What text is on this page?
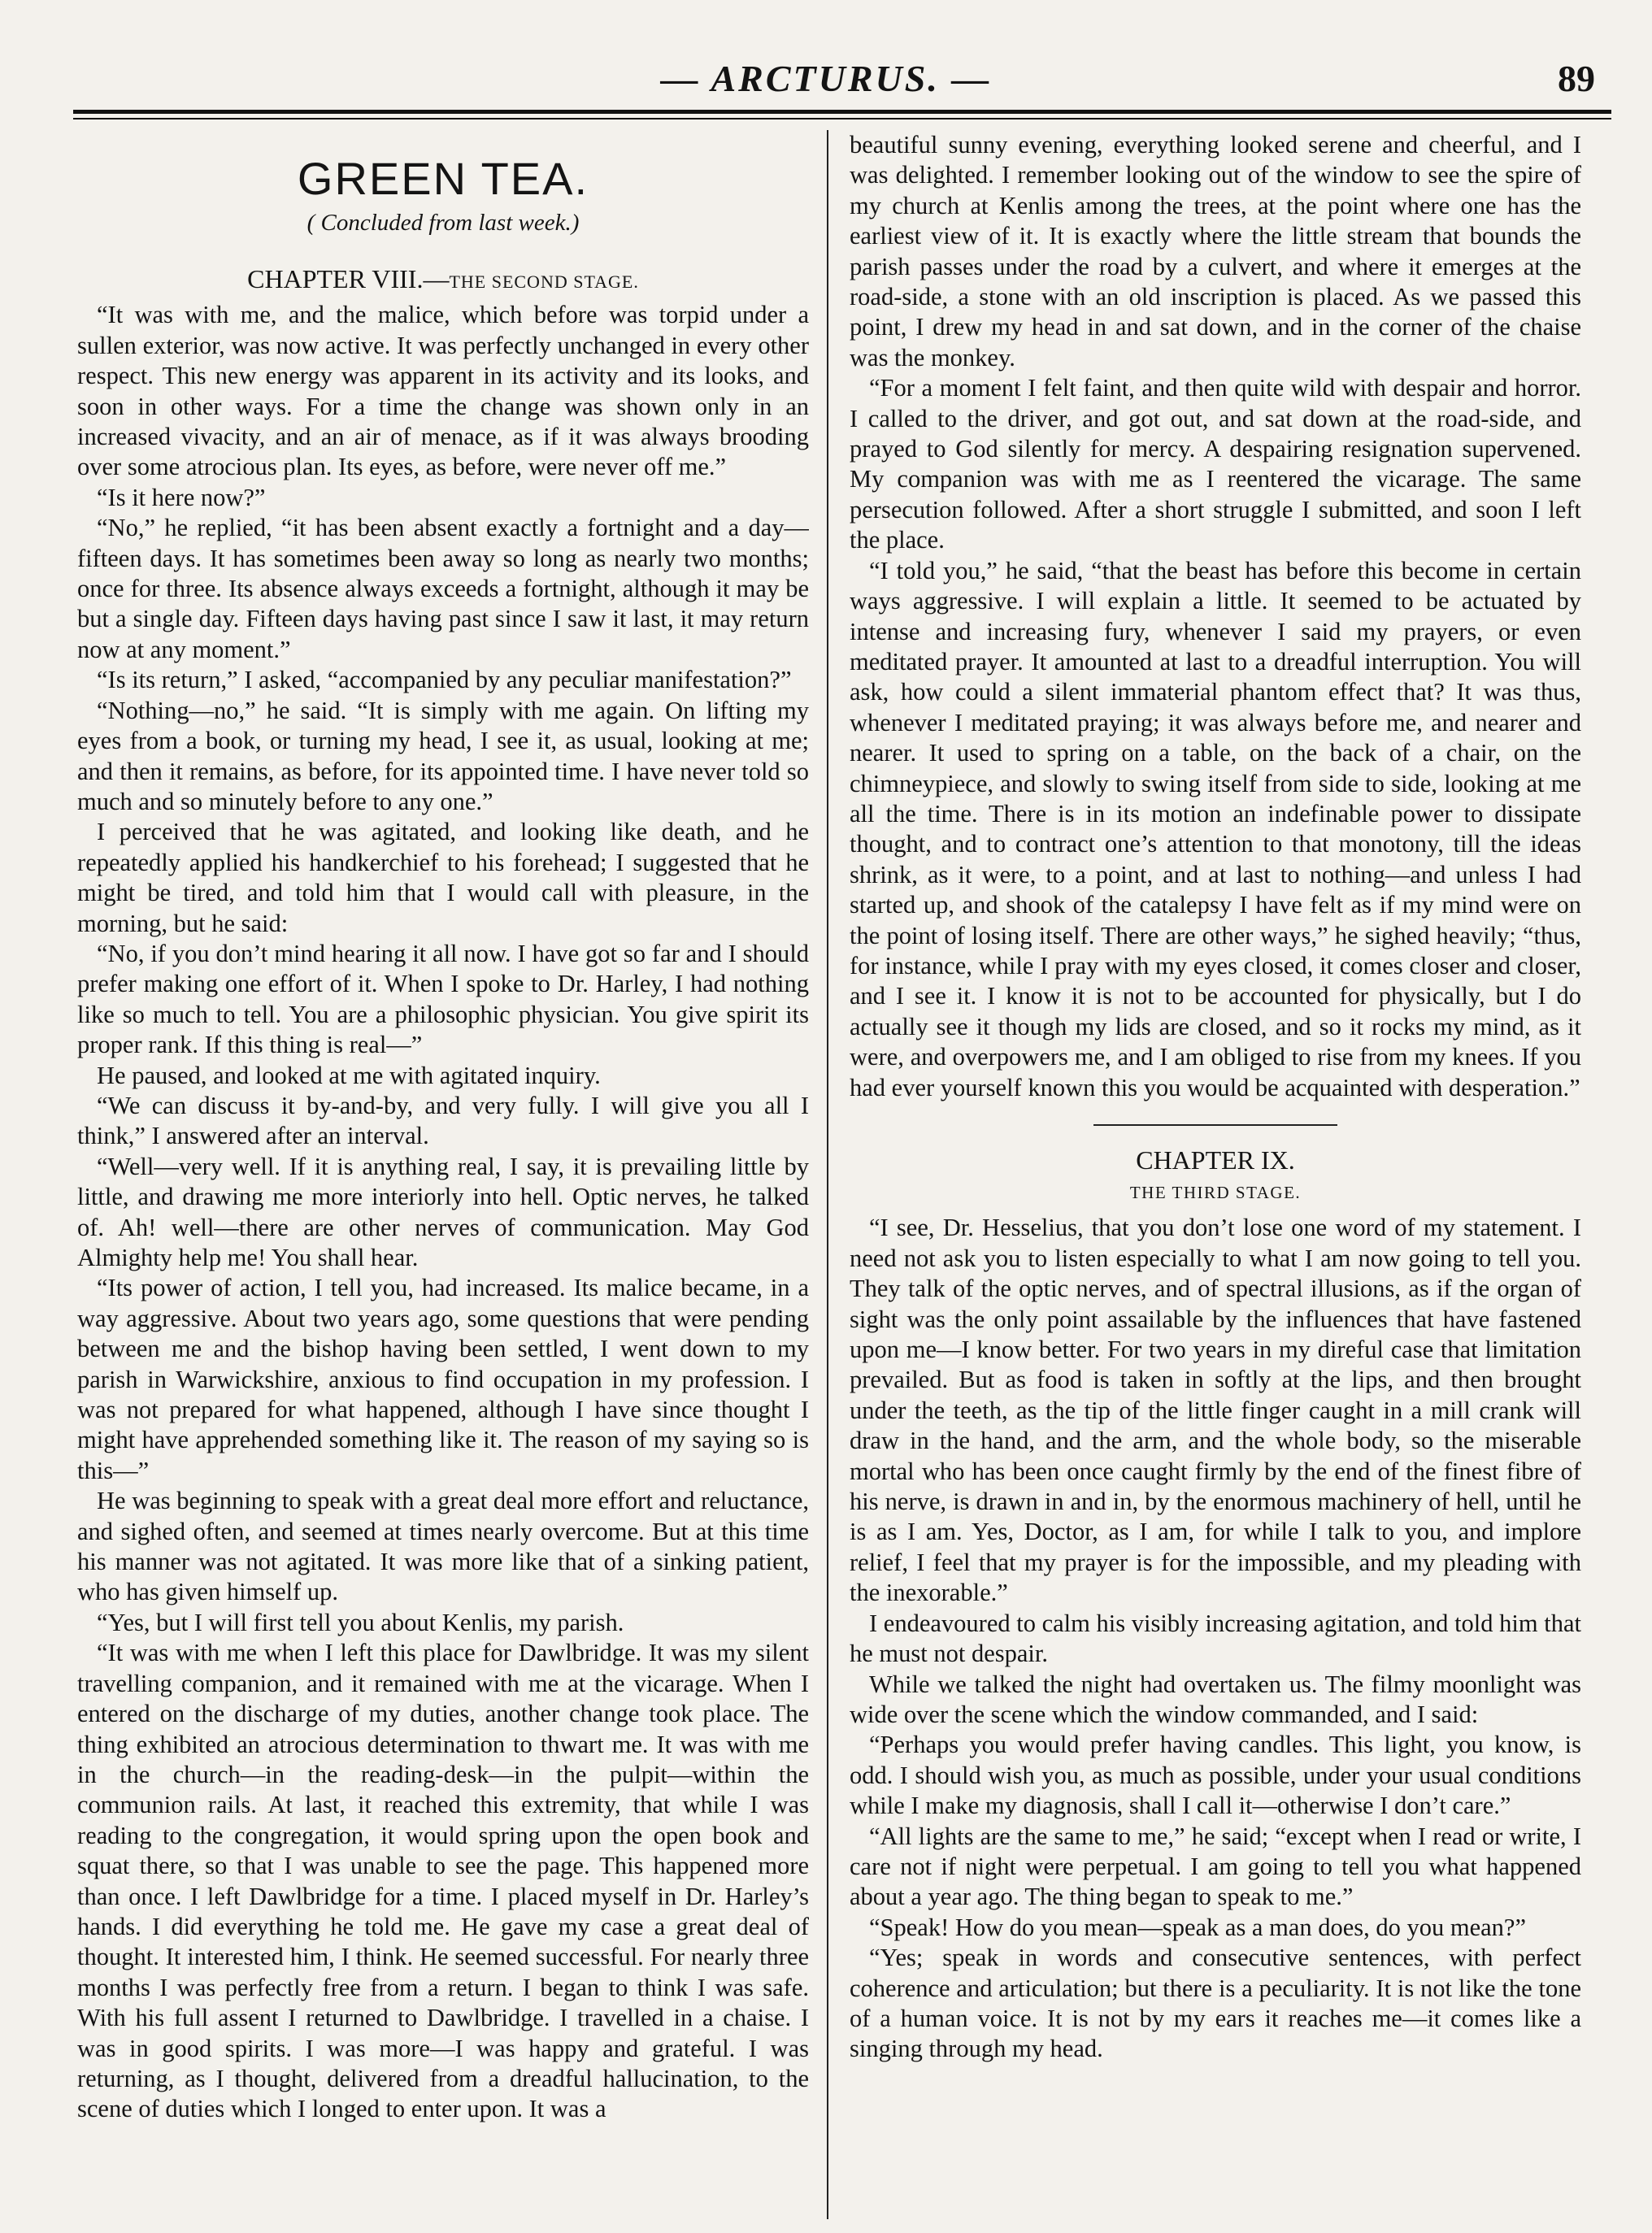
— ARCTURUS. —	89
GREEN TEA.
( Concluded from last week.)
CHAPTER VIII.—THE SECOND STAGE.

“It was with me, and the malice, which before was torpid under a sullen exterior, was now active. It was perfectly unchanged in every other respect. This new energy was apparent in its activity and its looks, and soon in other ways. For a time the change was shown only in an increased vivacity, and an air of menace, as if it was always brooding over some atrocious plan. Its eyes, as before, were never off me.”

“Is it here now?”

“No,” he replied, “it has been absent exactly a fortnight and a day—fifteen days. It has sometimes been away so long as nearly two months; once for three. Its absence always exceeds a fortnight, although it may be but a single day. Fifteen days having past since I saw it last, it may return now at any moment.”

“Is its return,” I asked, “accompanied by any peculiar manifestation?”

“Nothing—no,” he said. “It is simply with me again. On lifting my eyes from a book, or turning my head, I see it, as usual, looking at me; and then it remains, as before, for its appointed time. I have never told so much and so minutely before to any one.”

I perceived that he was agitated, and looking like death, and he repeatedly applied his handkerchief to his forehead; I suggested that he might be tired, and told him that I would call with pleasure, in the morning, but he said:

“No, if you don’t mind hearing it all now. I have got so far and I should prefer making one effort of it. When I spoke to Dr. Harley, I had nothing like so much to tell. You are a philosophic physician. You give spirit its proper rank. If this thing is real—”

He paused, and looked at me with agitated inquiry.

“We can discuss it by-and-by, and very fully. I will give you all I think,” I answered after an interval.

“Well—very well. If it is anything real, I say, it is prevailing little by little, and drawing me more interiorly into hell. Optic nerves, he talked of. Ah! well—there are other nerves of communication. May God Almighty help me! You shall hear.

“Its power of action, I tell you, had increased. Its malice became, in a way aggressive. About two years ago, some questions that were pending between me and the bishop having been settled, I went down to my parish in Warwickshire, anxious to find occupation in my profession. I was not prepared for what happened, although I have since thought I might have apprehended something like it. The reason of my saying so is this—”

He was beginning to speak with a great deal more effort and reluctance, and sighed often, and seemed at times nearly overcome. But at this time his manner was not agitated. It was more like that of a sinking patient, who has given himself up.

“Yes, but I will first tell you about Kenlis, my parish.

“It was with me when I left this place for Dawlbridge. It was my silent travelling companion, and it remained with me at the vicarage. When I entered on the discharge of my duties, another change took place. The thing exhibited an atrocious determination to thwart me. It was with me in the church—in the reading-desk—in the pulpit—within the communion rails. At last, it reached this extremity, that while I was reading to the congregation, it would spring upon the open book and squat there, so that I was unable to see the page. This happened more than once. I left Dawlbridge for a time. I placed myself in Dr. Harley’s hands. I did everything he told me. He gave my case a great deal of thought. It interested him, I think. He seemed successful. For nearly three months I was perfectly free from a return. I began to think I was safe. With his full assent I returned to Dawlbridge. I travelled in a chaise. I was in good spirits. I was more—I was happy and grateful. I was returning, as I thought, delivered from a dreadful hallucination, to the scene of duties which I longed to enter upon. It was a

beautiful sunny evening, everything looked serene and cheerful, and I was delighted. I remember looking out of the window to see the spire of my church at Kenlis among the trees, at the point where one has the earliest view of it. It is exactly where the little stream that bounds the parish passes under the road by a culvert, and where it emerges at the road-side, a stone with an old inscription is placed. As we passed this point, I drew my head in and sat down, and in the corner of the chaise was the monkey.

“For a moment I felt faint, and then quite wild with despair and horror. I called to the driver, and got out, and sat down at the road-side, and prayed to God silently for mercy. A despairing resignation supervened. My companion was with me as I reentered the vicarage. The same persecution followed. After a short struggle I submitted, and soon I left the place.

“I told you,” he said, “that the beast has before this become in certain ways aggressive. I will explain a little. It seemed to be actuated by intense and increasing fury, whenever I said my prayers, or even meditated prayer. It amounted at last to a dreadful interruption. You will ask, how could a silent immaterial phantom effect that? It was thus, whenever I meditated praying; it was always before me, and nearer and nearer. It used to spring on a table, on the back of a chair, on the chimneypiece, and slowly to swing itself from side to side, looking at me all the time. There is in its motion an indefinable power to dissipate thought, and to contract one’s attention to that monotony, till the ideas shrink, as it were, to a point, and at last to nothing—and unless I had started up, and shook of the catalepsy I have felt as if my mind were on the point of losing itself. There are other ways,” he sighed heavily; “thus, for instance, while I pray with my eyes closed, it comes closer and closer, and I see it. I know it is not to be accounted for physically, but I do actually see it though my lids are closed, and so it rocks my mind, as it were, and overpowers me, and I am obliged to rise from my knees. If you had ever yourself known this you would be acquainted with desperation.”

CHAPTER IX.
THE THIRD STAGE.

“I see, Dr. Hesselius, that you don’t lose one word of my statement. I need not ask you to listen especially to what I am now going to tell you. They talk of the optic nerves, and of spectral illusions, as if the organ of sight was the only point assailable by the influences that have fastened upon me—I know better. For two years in my direful case that limitation prevailed. But as food is taken in softly at the lips, and then brought under the teeth, as the tip of the little finger caught in a mill crank will draw in the hand, and the arm, and the whole body, so the miserable mortal who has been once caught firmly by the end of the finest fibre of his nerve, is drawn in and in, by the enormous machinery of hell, until he is as I am. Yes, Doctor, as I am, for while I talk to you, and implore relief, I feel that my prayer is for the impossible, and my pleading with the inexorable.”

I endeavoured to calm his visibly increasing agitation, and told him that he must not despair.

While we talked the night had overtaken us. The filmy moonlight was wide over the scene which the window commanded, and I said:

“Perhaps you would prefer having candles. This light, you know, is odd. I should wish you, as much as possible, under your usual conditions while I make my diagnosis, shall I call it—otherwise I don’t care.”

“All lights are the same to me,” he said; “except when I read or write, I care not if night were perpetual. I am going to tell you what happened about a year ago. The thing began to speak to me.”

“Speak! How do you mean—speak as a man does, do you mean?”

“Yes; speak in words and consecutive sentences, with perfect coherence and articulation; but there is a peculiarity. It is not like the tone of a human voice. It is not by my ears it reaches me—it comes like a singing through my head.
